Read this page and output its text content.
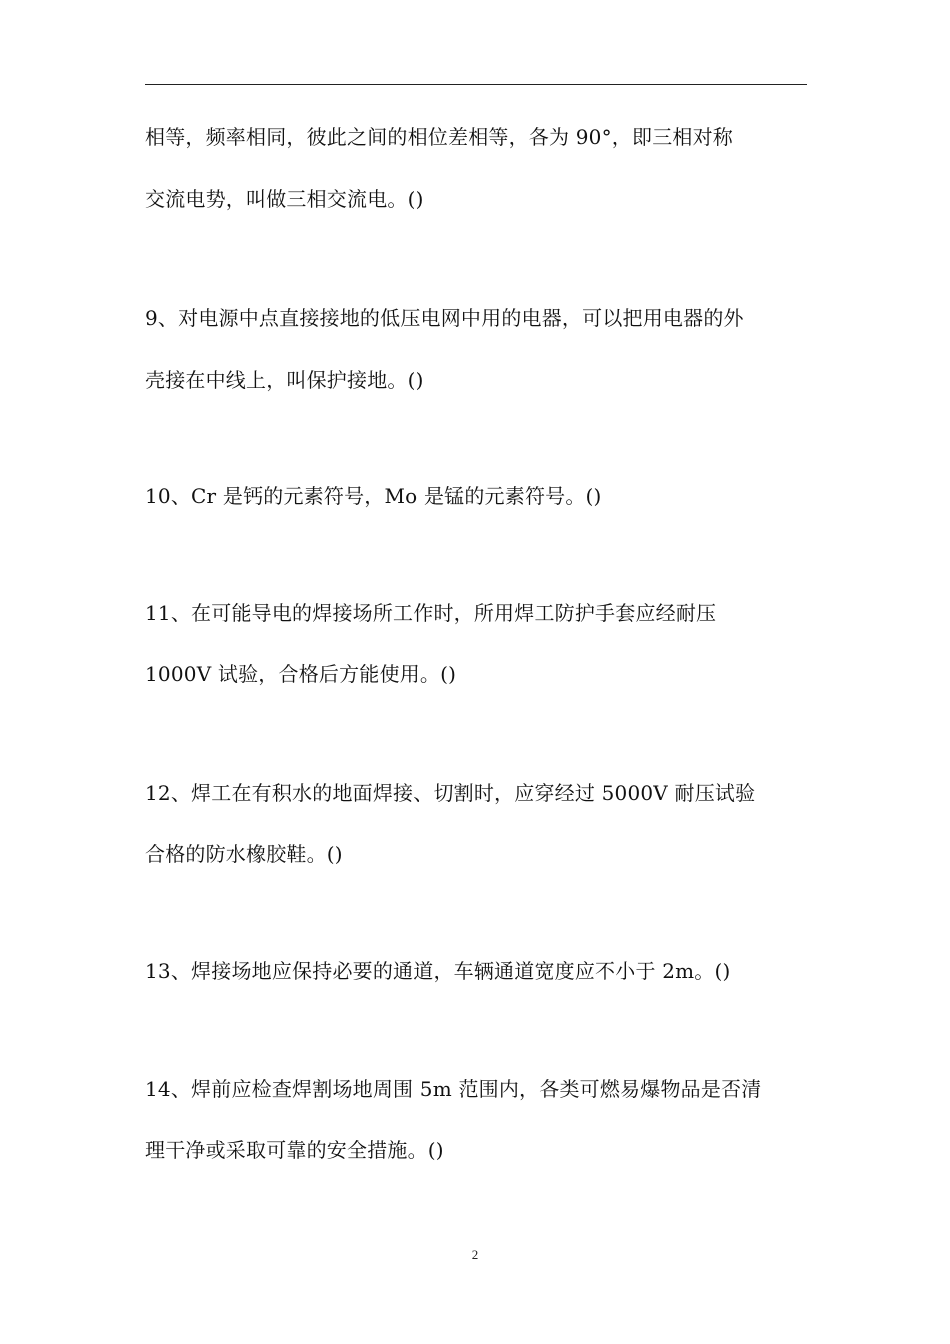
相等，频率相同，彼此之间的相位差相等，各为 90°，即三相对称
交流电势，叫做三相交流电。()
9、对电源中点直接接地的低压电网中用的电器，可以把用电器的外
壳接在中线上，叫保护接地。()
10、Cr 是钙的元素符号，Mo 是锰的元素符号。()
11、在可能导电的焊接场所工作时，所用焊工防护手套应经耐压
1000V 试验，合格后方能使用。()
12、焊工在有积水的地面焊接、切割时，应穿经过 5000V 耐压试验
合格的防水橡胶鞋。()
13、焊接场地应保持必要的通道，车辆通道宽度应不小于 2m。()
14、焊前应检查焊割场地周围 5m 范围内，各类可燃易爆物品是否清
理干净或采取可靠的安全措施。()
2
